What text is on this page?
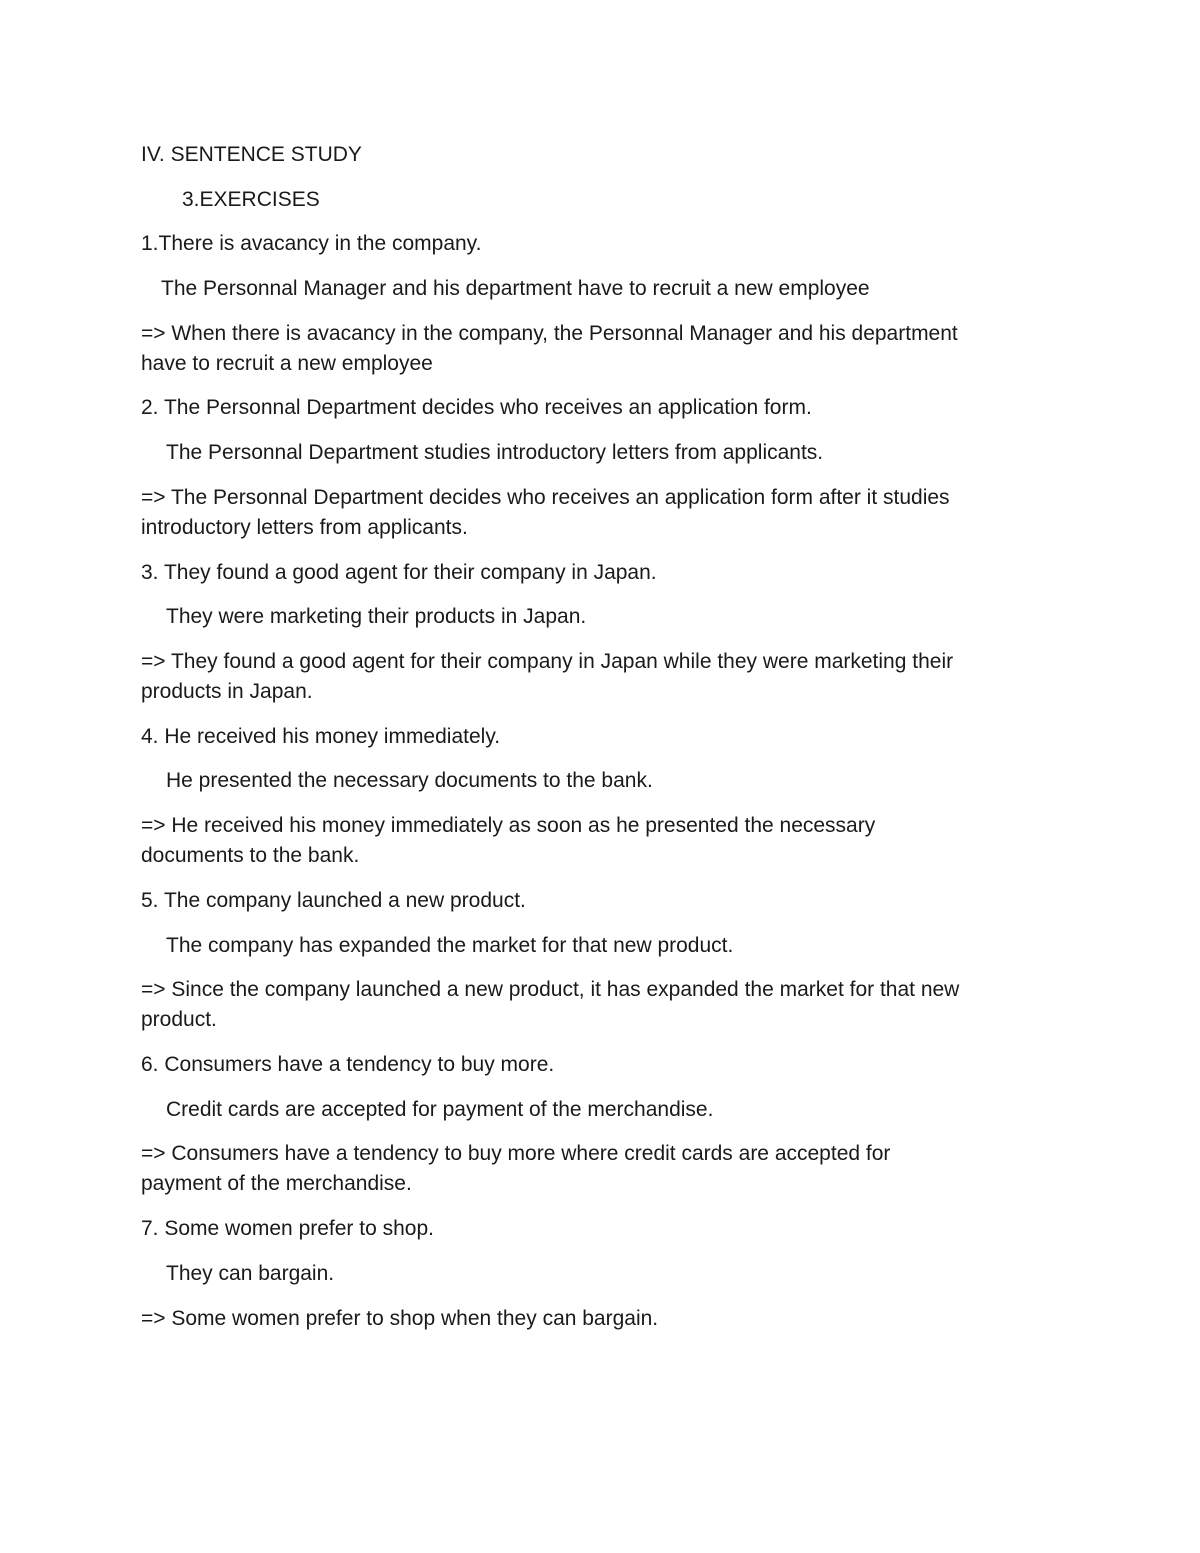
IV. SENTENCE STUDY
3.EXERCISES
1.There is avacancy in the company.
The Personnal Manager and his department have to recruit a new employee
=> When there is avacancy in the company, the Personnal Manager and his department
have to recruit a new employee
2. The Personnal Department decides who receives an application form.
The Personnal Department studies introductory letters from applicants.
=> The Personnal Department decides who receives an application form after it studies
introductory letters from applicants.
3. They found a good agent for their company in Japan.
They were marketing their products in Japan.
=> They found a good agent for their company in Japan while they were marketing their
products in Japan.
4. He received his money immediately.
He presented the necessary documents to the bank.
=> He received his money immediately as soon as he presented the necessary
documents to the bank.
5. The company launched a new product.
The company has expanded the market for that new product.
=> Since the company launched a new product, it has expanded the market for that new
product.
6. Consumers have a tendency to buy more.
Credit cards are accepted for payment of the merchandise.
=> Consumers have a tendency to buy more where credit cards are accepted for
payment of the merchandise.
7. Some women prefer to shop.
They can bargain.
=> Some women prefer to shop when they can bargain.
